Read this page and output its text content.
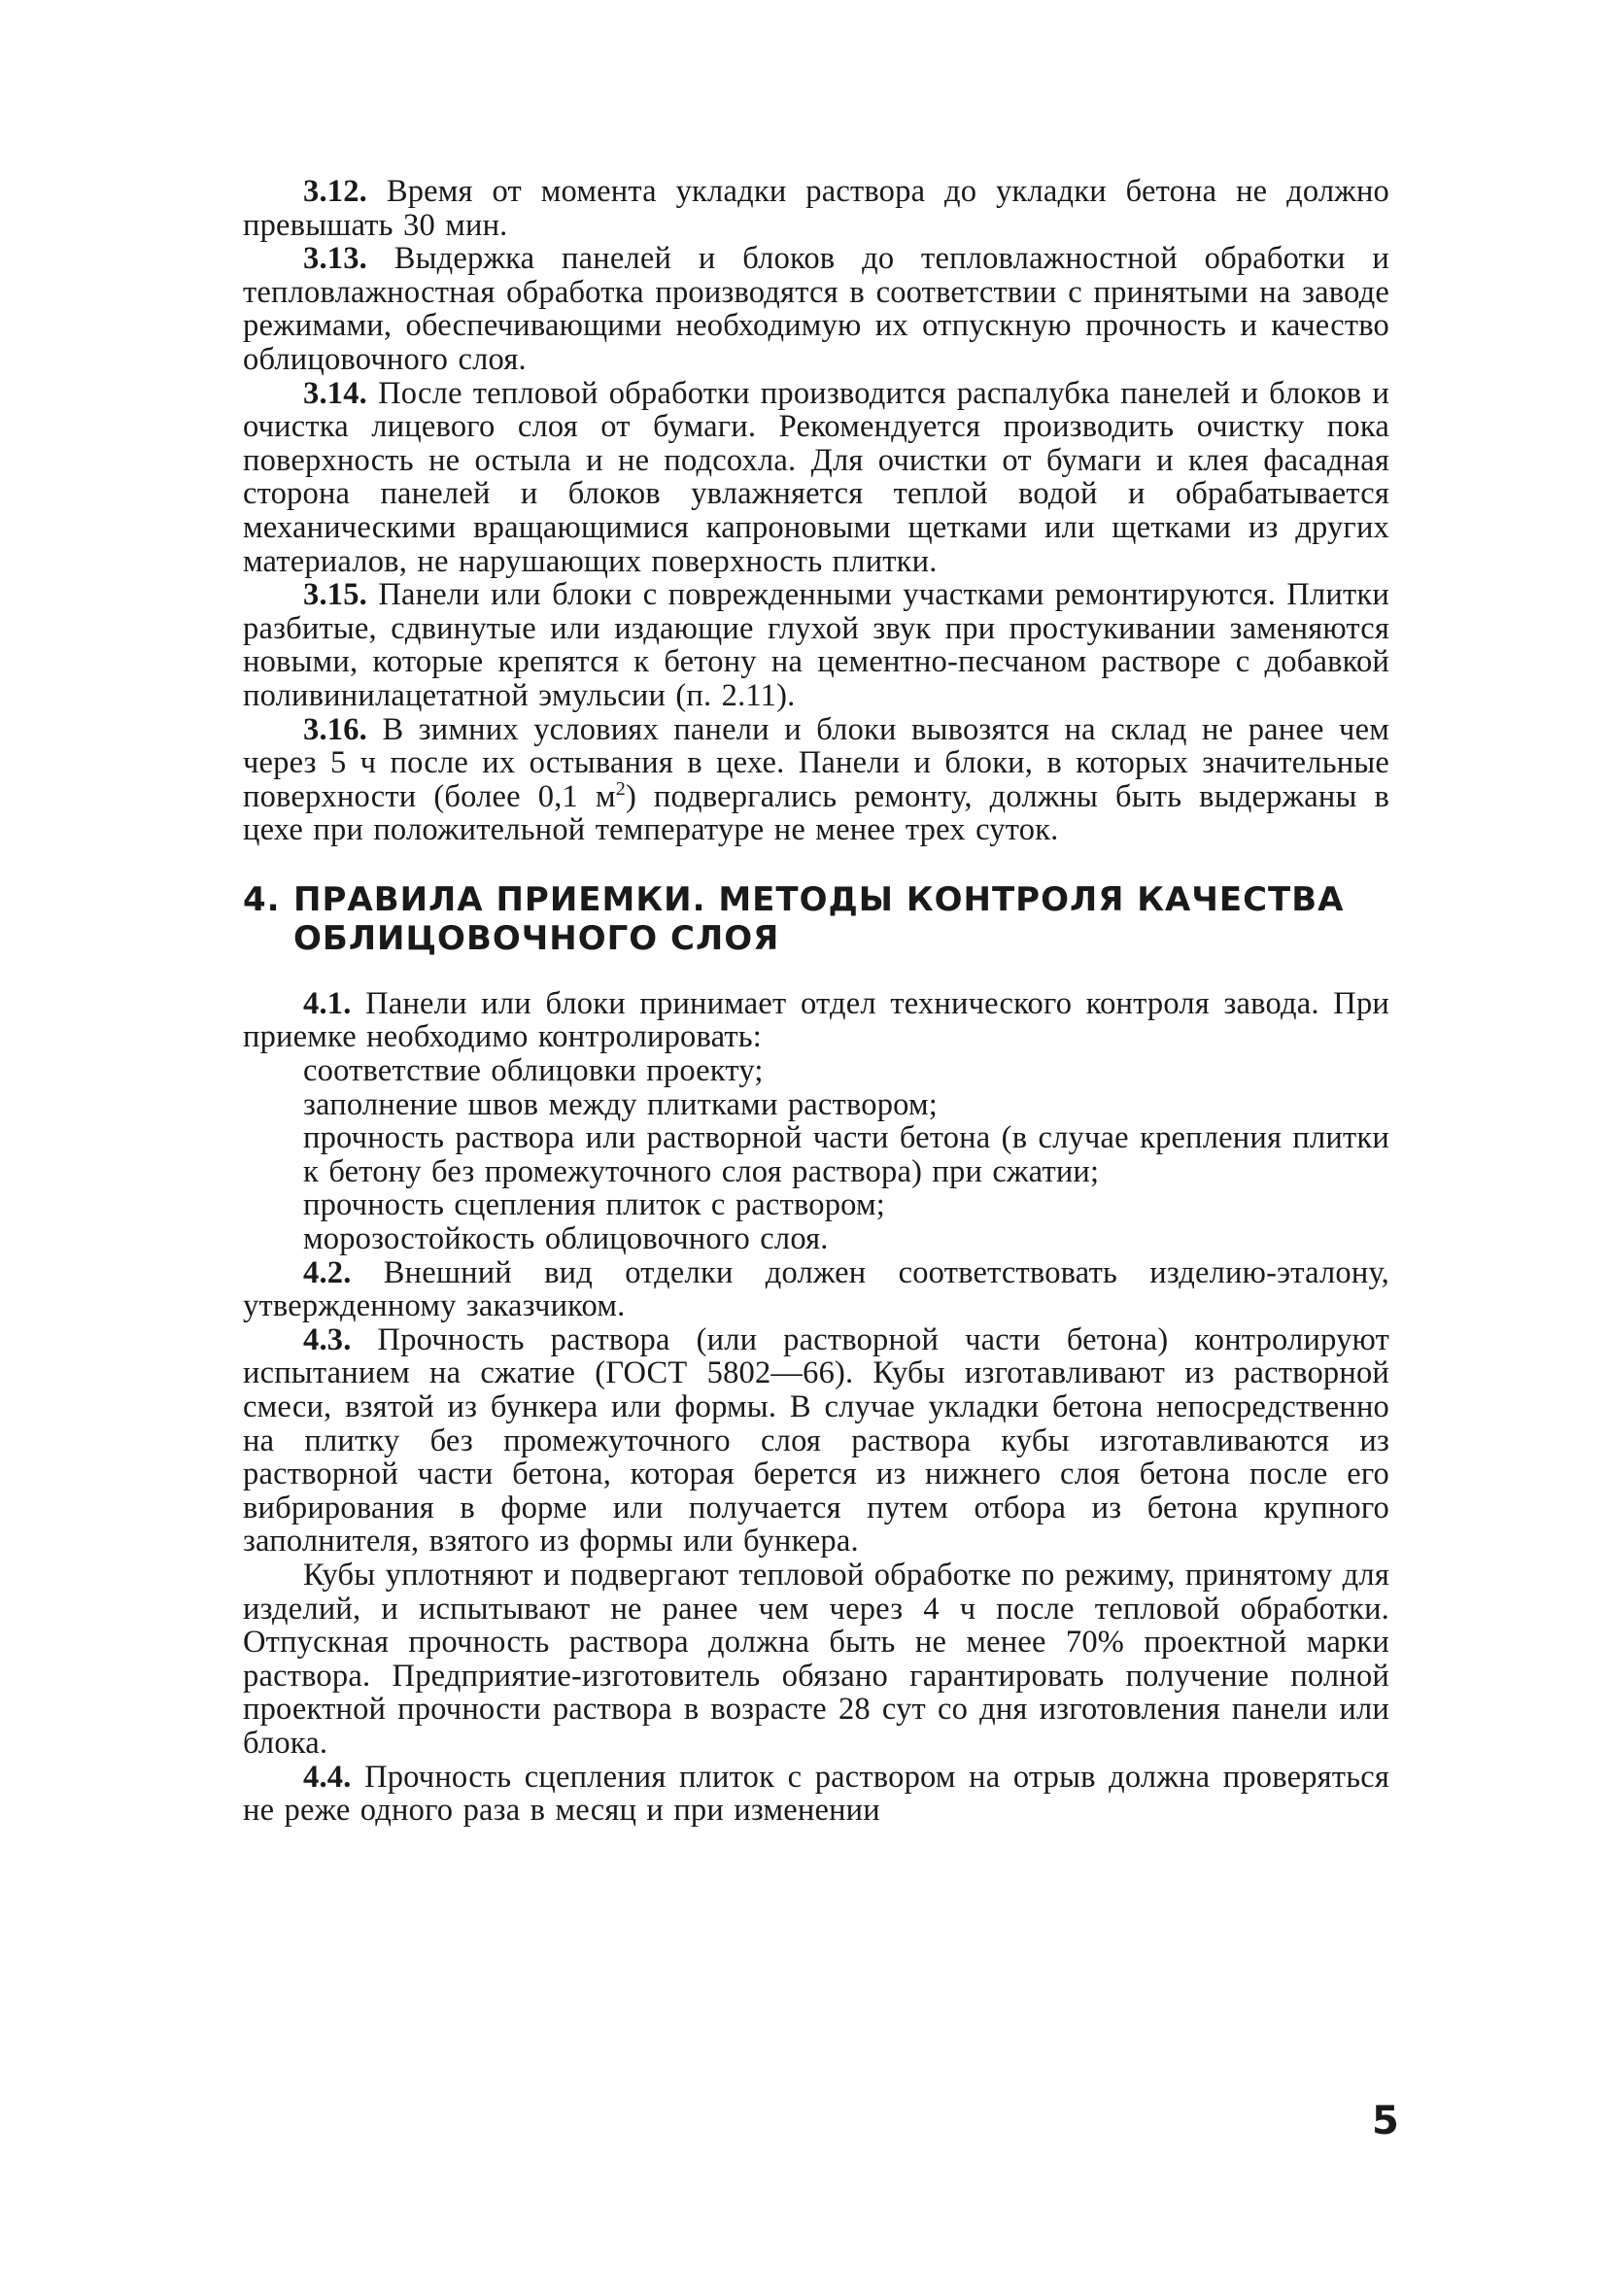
3.12. Время от момента укладки раствора до укладки бетона не должно превышать 30 мин.

3.13. Выдержка панелей и блоков до тепловлажностной обработки и тепловлажностная обработка производятся в соответствии с принятыми на заводе режимами, обеспечивающими необходимую их отпускную прочность и качество облицовочного слоя.

3.14. После тепловой обработки производится распалубка панелей и блоков и очистка лицевого слоя от бумаги. Рекомендуется производить очистку пока поверхность не остыла и не подсохла. Для очистки от бумаги и клея фасадная сторона панелей и блоков увлажняется теплой водой и обрабатывается механическими вращающимися капроновыми щетками или щетками из других материалов, не нарушающих поверхность плитки.

3.15. Панели или блоки с поврежденными участками ремонтируются. Плитки разбитые, сдвинутые или издающие глухой звук при простукивании заменяются новыми, которые крепятся к бетону на цементно-песчаном растворе с добавкой поливинилацетатной эмульсии (п. 2.11).

3.16. В зимних условиях панели и блоки вывозятся на склад не ранее чем через 5 ч после их остывания в цехе. Панели и блоки, в которых значительные поверхности (более 0,1 $м^2$) подвергались ремонту, должны быть выдержаны в цехе при положительной температуре не менее трех суток.

4. ПРАВИЛА ПРИЕМКИ. МЕТОДЫ КОНТРОЛЯ КАЧЕСТВА ОБЛИЦОВОЧНОГО СЛОЯ

4.1. Панели или блоки принимает отдел технического контроля завода. При приемке необходимо контролировать:

соответствие облицовки проекту;

заполнение швов между плитками раствором;

прочность раствора или растворной части бетона (в случае крепления плитки к бетону без промежуточного слоя раствора) при сжатии;

прочность сцепления плиток с раствором;

морозостойкость облицовочного слоя.

4.2. Внешний вид отделки должен соответствовать изделию-эталону, утвержденному заказчиком.

4.3. Прочность раствора (или растворной части бетона) контролируют испытанием на сжатие (ГОСТ 5802—66). Кубы изготавливают из растворной смеси, взятой из бункера или формы. В случае укладки бетона непосредственно на плитку без промежуточного слоя раствора кубы изготавливаются из растворной части бетона, которая берется из нижнего слоя бетона после его вибрирования в форме или получается путем отбора из бетона крупного заполнителя, взятого из формы или бункера.

Кубы уплотняют и подвергают тепловой обработке по режиму, принятому для изделий, и испытывают не ранее чем через 4 ч после тепловой обработки. Отпускная прочность раствора должна быть не менее 70% проектной марки раствора. Предприятие-изготовитель обязано гарантировать получение полной проектной прочности раствора в возрасте 28 сут со дня изготовления панели или блока.

4.4. Прочность сцепления плиток с раствором на отрыв должна проверяться не реже одного раза в месяц и при изменении

5
